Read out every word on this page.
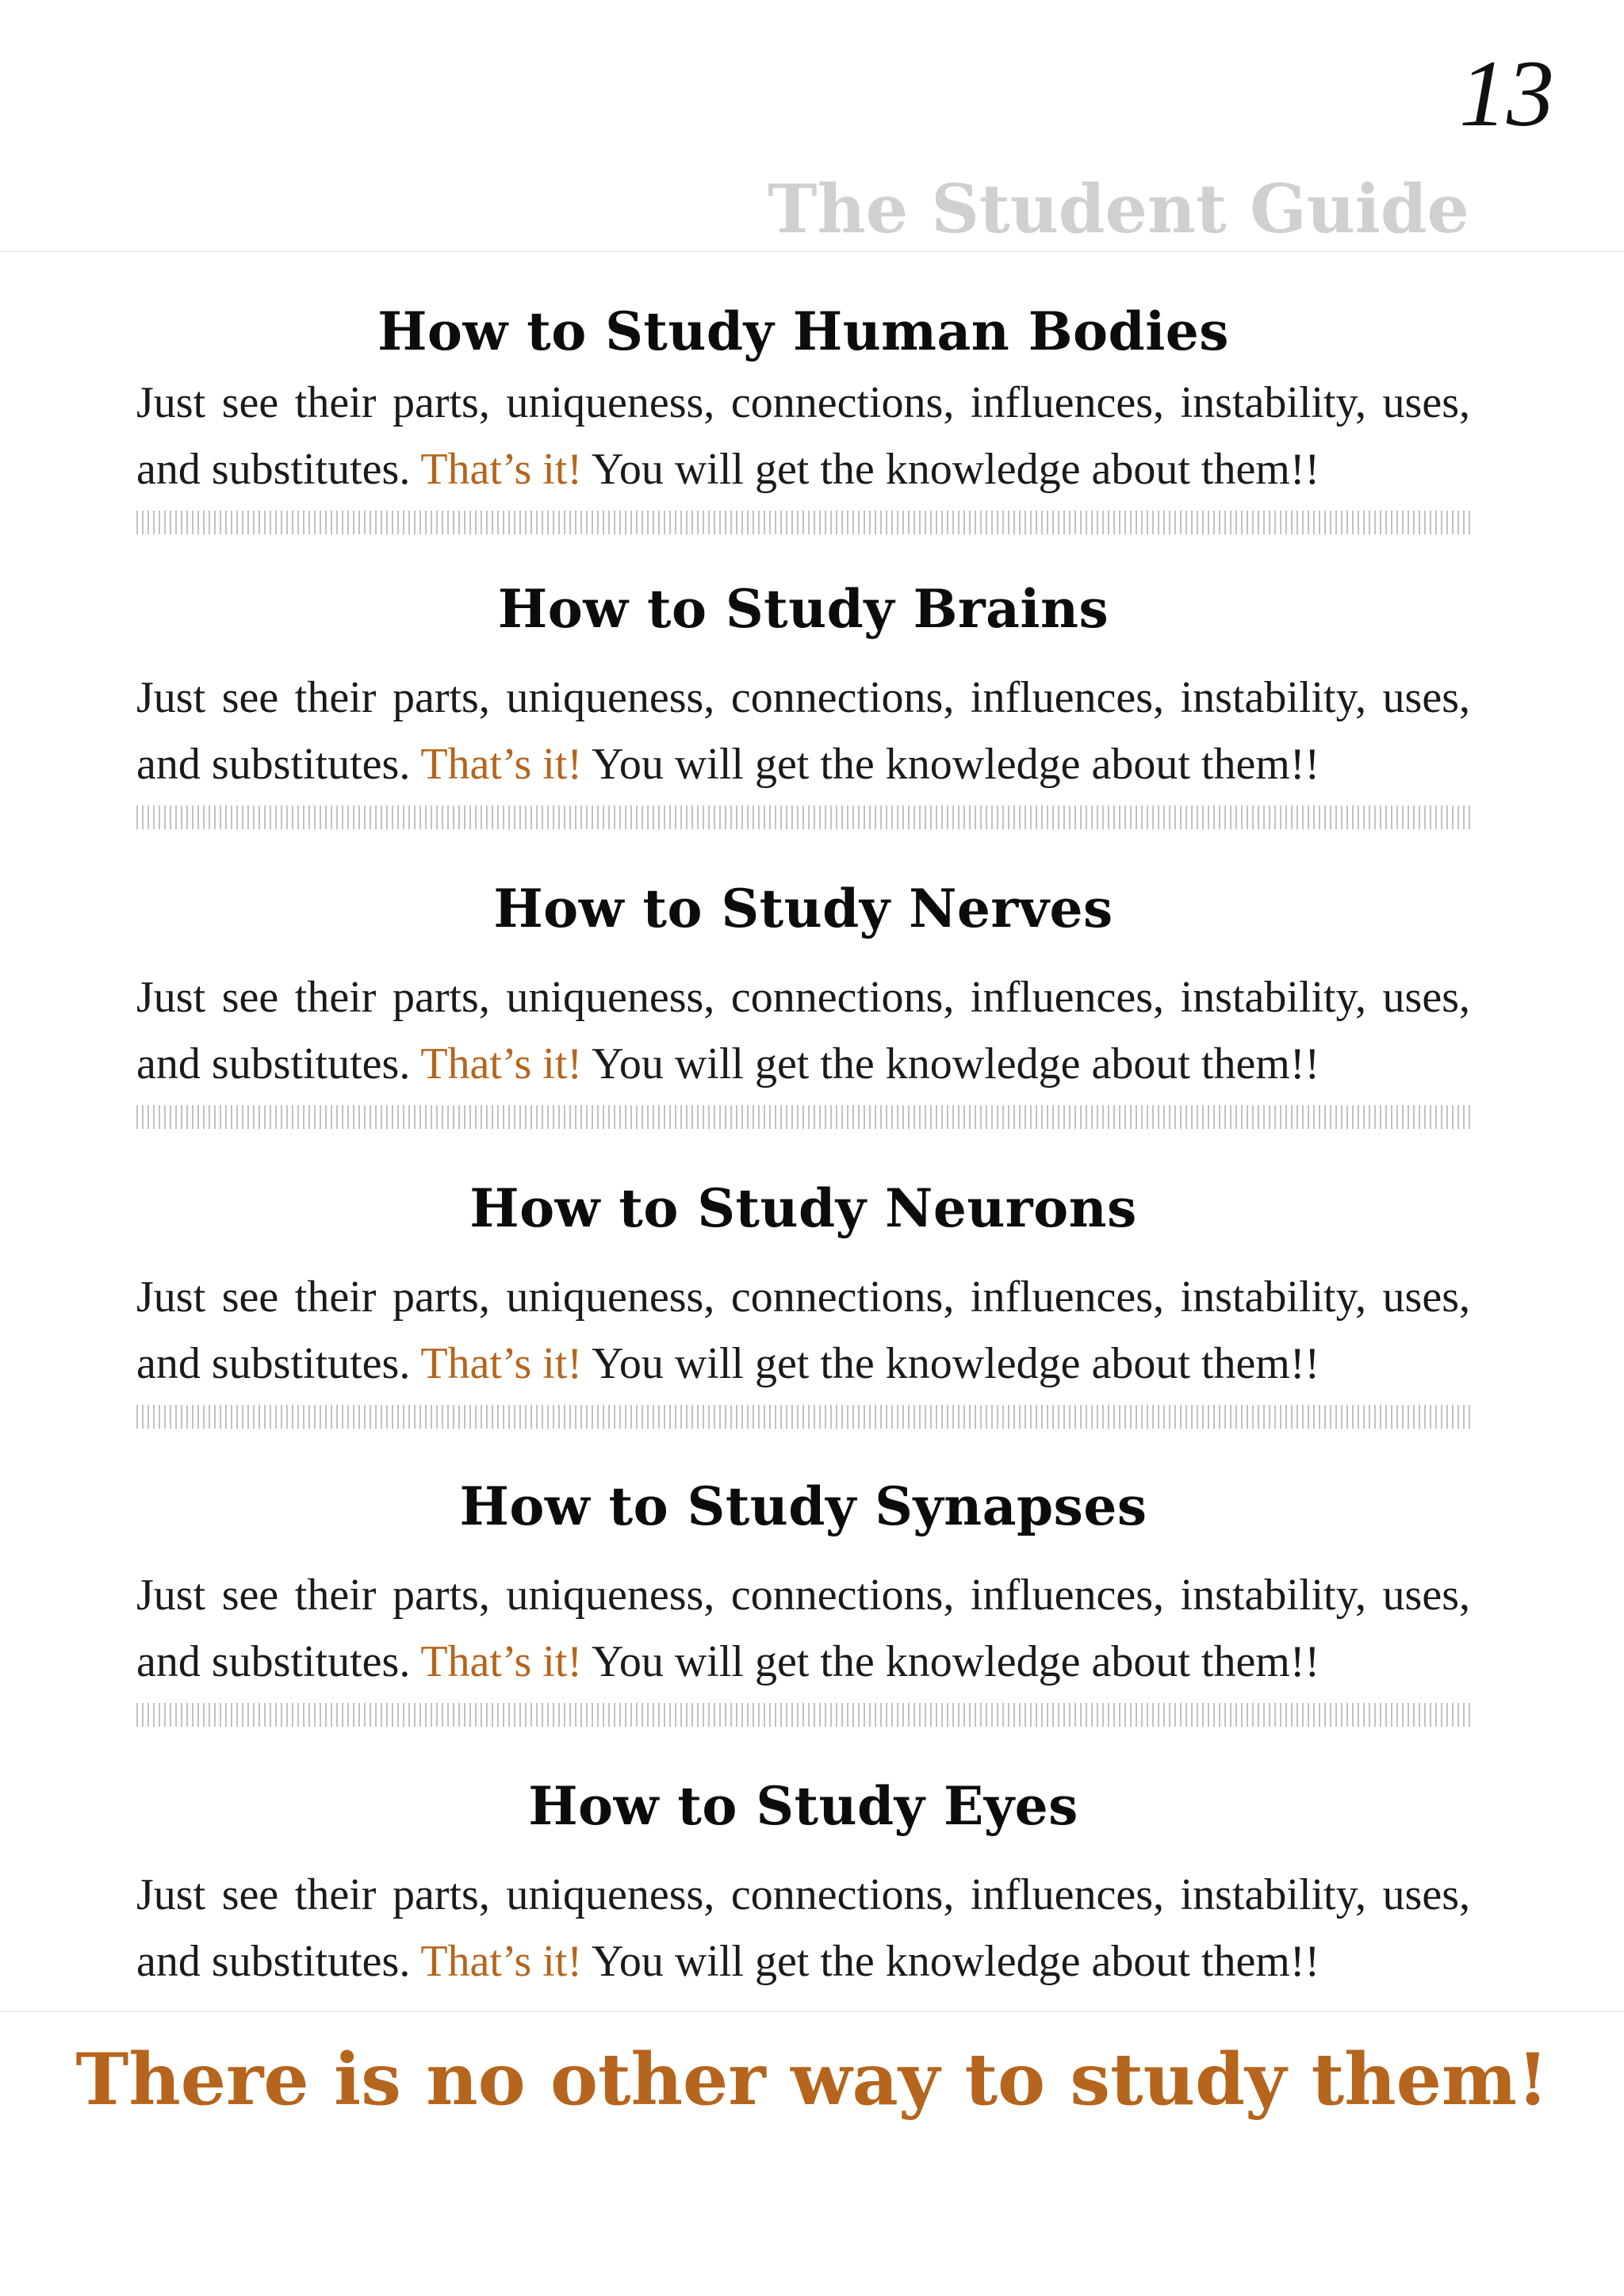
13
The Student Guide
How to Study Human Bodies

Just see their parts, uniqueness, connections, influences, instability, uses, and substitutes. That’s it! You will get the knowledge about them!!

How to Study Brains

Just see their parts, uniqueness, connections, influences, instability, uses, and substitutes. That’s it! You will get the knowledge about them!!

How to Study Nerves

Just see their parts, uniqueness, connections, influences, instability, uses, and substitutes. That’s it! You will get the knowledge about them!!

How to Study Neurons

Just see their parts, uniqueness, connections, influences, instability, uses, and substitutes. That’s it! You will get the knowledge about them!!

How to Study Synapses

Just see their parts, uniqueness, connections, influences, instability, uses, and substitutes. That’s it! You will get the knowledge about them!!

How to Study Eyes

Just see their parts, uniqueness, connections, influences, instability, uses, and substitutes. That’s it! You will get the knowledge about them!!

There is no other way to study them!
